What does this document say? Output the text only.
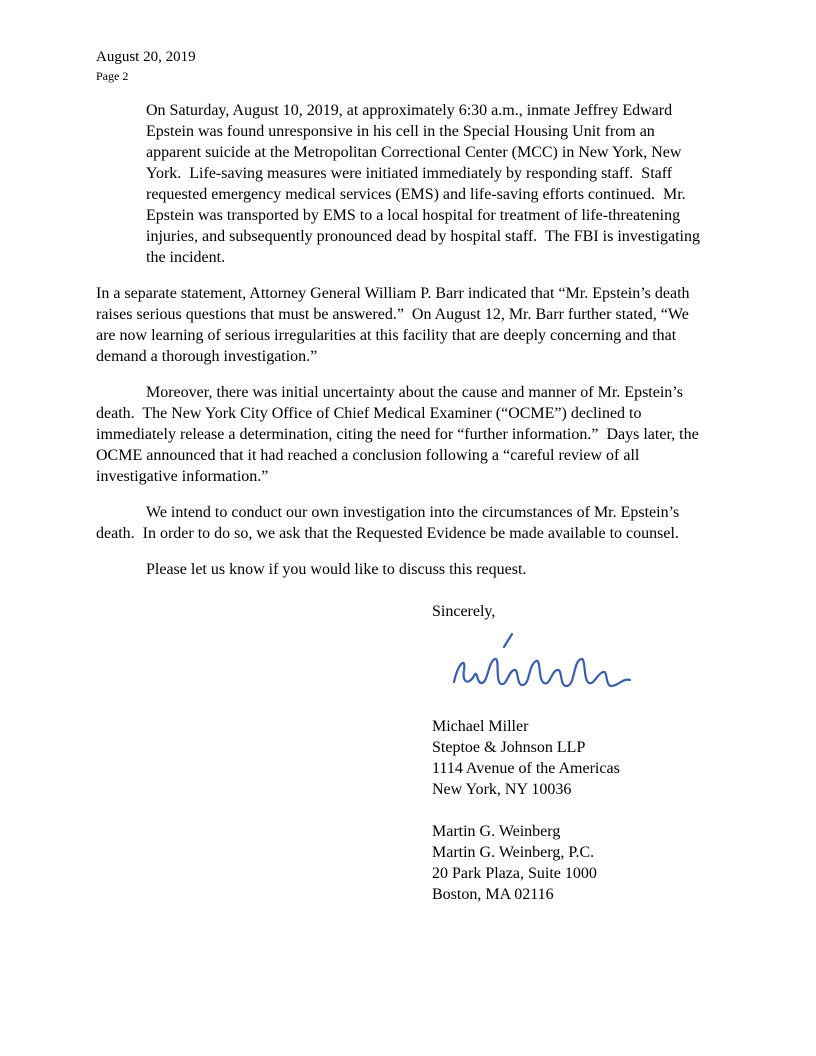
August 20, 2019
Page 2

On Saturday, August 10, 2019, at approximately 6:30 a.m., inmate Jeffrey Edward Epstein was found unresponsive in his cell in the Special Housing Unit from an apparent suicide at the Metropolitan Correctional Center (MCC) in New York, New York.  Life-saving measures were initiated immediately by responding staff.  Staff requested emergency medical services (EMS) and life-saving efforts continued.  Mr. Epstein was transported by EMS to a local hospital for treatment of life-threatening injuries, and subsequently pronounced dead by hospital staff.  The FBI is investigating the incident.

In a separate statement, Attorney General William P. Barr indicated that “Mr. Epstein’s death raises serious questions that must be answered.”  On August 12, Mr. Barr further stated, “We are now learning of serious irregularities at this facility that are deeply concerning and that demand a thorough investigation.”

Moreover, there was initial uncertainty about the cause and manner of Mr. Epstein’s death.  The New York City Office of Chief Medical Examiner (“OCME”) declined to immediately release a determination, citing the need for “further information.”  Days later, the OCME announced that it had reached a conclusion following a “careful review of all investigative information.”

We intend to conduct our own investigation into the circumstances of Mr. Epstein’s death.  In order to do so, we ask that the Requested Evidence be made available to counsel.

Please let us know if you would like to discuss this request.

Sincerely,
Michael Miller
Steptoe & Johnson LLP
1114 Avenue of the Americas
New York, NY 10036
Martin G. Weinberg
Martin G. Weinberg, P.C.
20 Park Plaza, Suite 1000
Boston, MA 02116
